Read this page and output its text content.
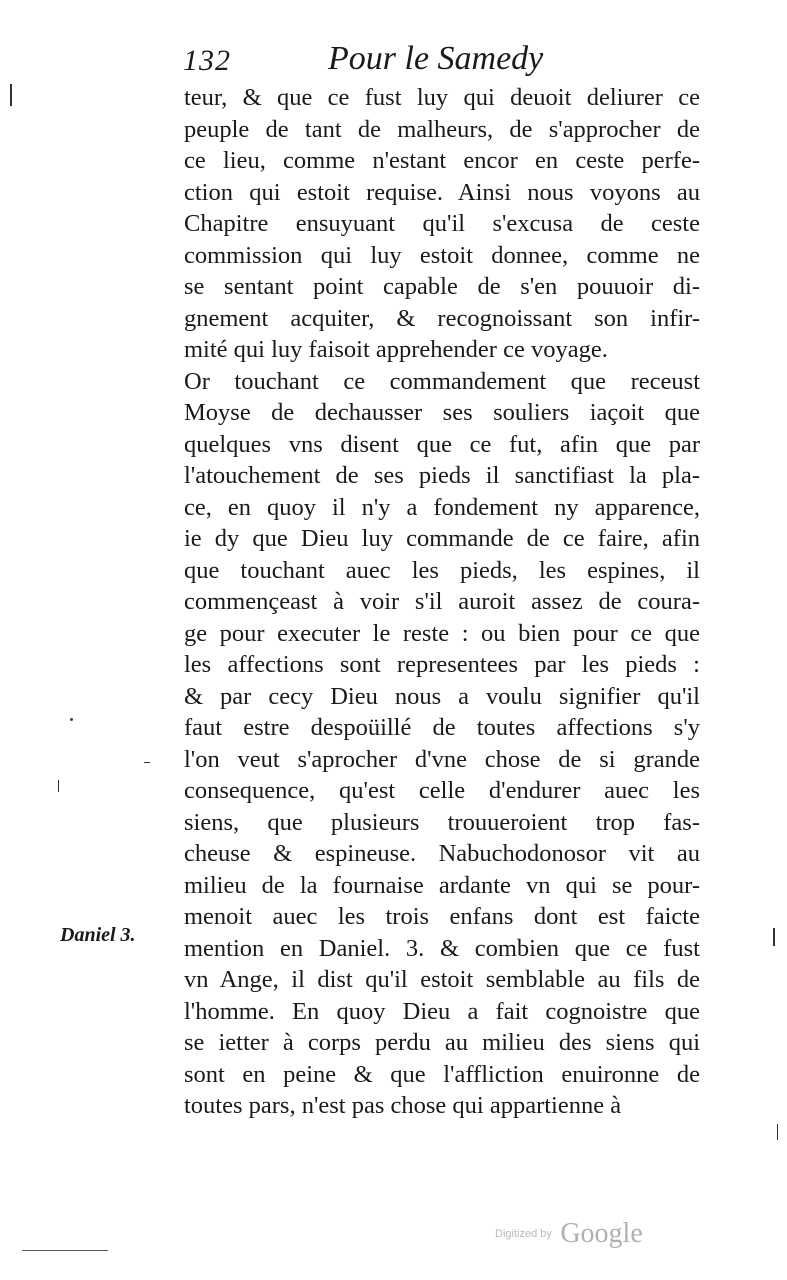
132	Pour le Samedy
teur, & que ce fust luy qui deuoit deliurer ce
peuple de tant de malheurs, de s'approcher de
ce lieu, comme n'estant encor en ceste perfe-
ction qui estoit requise. Ainsi nous voyons au
Chapitre ensuyuant qu'il s'excusa de ceste
commission qui luy estoit donnee, comme ne
se sentant point capable de s'en pouuoir di-
gnement acquiter, & recognoissant son infir-
mité qui luy faisoit apprehender ce voyage.
Or touchant ce commandement que receust
Moyse de dechausser ses souliers iaçoit que
quelques vns disent que ce fut, afin que par
l'atouchement de ses pieds il sanctifiast la pla-
ce, en quoy il n'y a fondement ny apparence,
ie dy que Dieu luy commande de ce faire, afin
que touchant auec les pieds, les espines, il
commençeast à voir s'il auroit assez de coura-
ge pour executer le reste : ou bien pour ce que
les affections sont representees par les pieds :
& par cecy Dieu nous a voulu signifier qu'il
faut estre despoüillé de toutes affections s'y
l'on veut s'aprocher d'vne chose de si grande
consequence, qu'est celle d'endurer auec les
siens, que plusieurs trouueroient trop fas-
cheuse & espineuse. Nabuchodonosor vit au
milieu de la fournaise ardante vn qui se pour-
menoit auec les trois enfans dont est faicte
mention en Daniel. 3. & combien que ce fust
vn Ange, il dist qu'il estoit semblable au fils de
l'homme. En quoy Dieu a fait cognoistre que
se ietter à corps perdu au milieu des siens qui
sont en peine & que l'affliction enuironne de
toutes pars, n'est pas chose qui appartienne à
Daniel 3.
Digitized by Google
